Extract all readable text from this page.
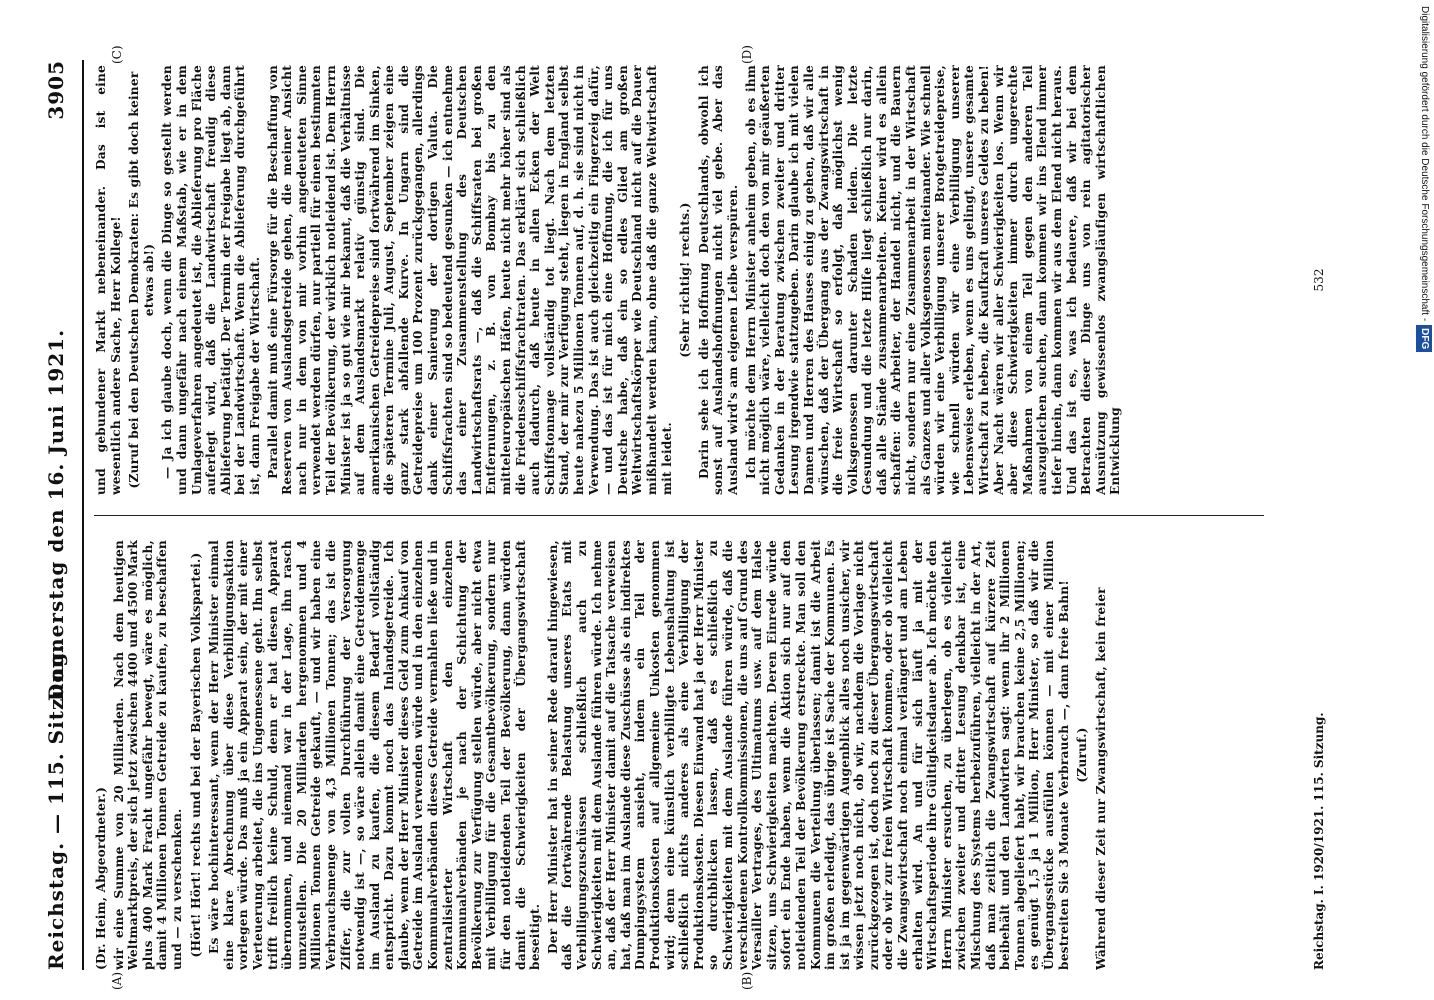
Reichstag. — 115. Sitzung.
Donnerstag den 16. Juni 1921.
3905
(A)	(B)
(C)	(D)

(Dr. Heim, Abgeordneter.) wir eine Summe von 20 Milliarden. Nach dem heutigen Weltmarktpreis, der sich jetzt zwischen 4400 und 4500 Mark plus 400 Mark Fracht ungefähr bewegt, wäre es möglich, damit 4 Millionen Tonnen Getreide zu kaufen, zu beschaffen und — zu verschenken. (Hört! Hört! rechts und bei der Bayerischen Volkspartei.) Es wäre hochinteressant, wenn der Herr Minister einmal eine klare Abrechnung über diese Verbilligungsaktion vorlegen würde. Das muß ja ein Apparat sein, der mit einer Verteuerung arbeitet, die ins Ungemessene geht. Ihn selbst trifft freilich keine Schuld, denn er hat diesen Apparat übernommen, und niemand war in der Lage, ihn rasch umzustellen. Die 20 Milliarden hergenommen und 4 Millionen Tonnen Getreide gekauft, — und wir haben eine Verbrauchsmenge von 4,3 Millionen Tonnen; das ist die Ziffer, die zur vollen Durchführung der Versorgung notwendig ist —, so wäre allein damit eine Getreidemenge im Ausland zu kaufen, die diesem Bedarf vollständig entspricht. Dazu kommt noch das Inlandsgetreide. Ich glaube, wenn der Herr Minister dieses Geld zum Ankauf von Getreide im Ausland verwenden würde und in den einzelnen Kommunalverbänden dieses Getreide vermahlen ließe und in zentralisierter Wirtschaft den einzelnen Kommunalverbänden je nach der Schichtung der Bevölkerung zur Verfügung stellen würde, aber nicht etwa mit Verbilligung für die Gesamtbevölkerung, sondern nur für den notleidenden Teil der Bevölkerung, dann würden damit die Schwierigkeiten der Übergangswirtschaft beseitigt. Der Herr Minister hat in seiner Rede darauf hingewiesen, daß die fortwährende Belastung unseres Etats mit Verbilligungszuschüssen schließlich auch zu Schwierigkeiten mit dem Auslande führen würde. Ich nehme an, daß der Herr Minister damit auf die Tatsache verweisen hat, daß man im Auslande diese Zuschüsse als ein indirektes Dumpingsystem ansieht, indem ein Teil der Produktionskosten auf allgemeine Unkosten genommen wird; denn eine künstlich verbilligte Lebenshaltung ist schließlich nichts anderes als eine Verbilligung der Produktionskosten. Diesen Einwand hat ja der Herr Minister so durchblicken lassen, daß es schließlich zu Schwierigkeiten mit dem Auslande führen würde, daß die verschiedenen Kontrollkommissionen, die uns auf Grund des Versailler Vertrages, des Ultimatums usw. auf dem Halse sitzen, uns Schwierigkeiten machten. Deren Einrede würde sofort ein Ende haben, wenn die Aktion sich nur auf den notleidenden Teil der Bevölkerung erstreckte. Man soll den Kommunen die Verteilung überlassen; damit ist die Arbeit im großen erledigt, das übrige ist Sache der Kommunen. Es ist ja im gegenwärtigen Augenblick alles noch unsicher, wir wissen jetzt noch nicht, ob wir, nachdem die Vorlage nicht zurückgezogen ist, doch noch zu dieser Übergangswirtschaft oder ob wir zur freien Wirtschaft kommen, oder ob vielleicht die Zwangswirtschaft noch einmal verlängert und am Leben erhalten wird. An und für sich läuft ja mit der Wirtschaftsperiode ihre Gültigkeitsdauer ab. Ich möchte den Herrn Minister ersuchen, zu überlegen, ob es vielleicht zwischen zweiter und dritter Lesung denkbar ist, eine Mischung des Systems herbeizuführen, vielleicht in der Art, daß man zeitlich die Zwangswirtschaft auf kürzere Zeit beibehält und den Landwirten sagt: wenn ihr 2 Millionen Tonnen abgeliefert habt, wir brauchen keine 2,5 Millionen; es genügt 1,5 ja 1 Million, Herr Minister, so daß wir die Übergangsstücke ausfüllen können — mit einer Million bestreiten Sie 3 Monate Verbrauch —, dann freie Bahn! (Zuruf.) Während dieser Zeit nur Zwangswirtschaft, kein freier

und gebundener Markt nebeneinander. Das ist eine wesentlich andere Sache, Herr Kollege! (Zuruf bei den Deutschen Demokraten: Es gibt doch keiner etwas ab!) — Ja ich glaube doch, wenn die Dinge so gestellt werden und dann ungefähr nach einem Maßstab, wie er in dem Umlageverfahren angedeutet ist, die Ablieferung pro Fläche auferlegt wird, daß die Landwirtschaft freudig diese Ablieferung betätigt. Der Termin der Freigabe liegt ab, dann bei der Landwirtschaft. Wenn die Ablieferung durchgeführt ist, dann Freigabe der Wirtschaft. Parallel damit muß eine Fürsorge für die Beschaffung von Reserven von Auslandsgetreide gehen, die meiner Ansicht nach nur in dem von mir vorhin angedeuteten Sinne verwendet werden dürfen, nur partiell für einen bestimmten Teil der Bevölkerung, der wirklich notleidend ist. Dem Herrn Minister ist ja so gut wie mir bekannt, daß die Verhältnisse auf dem Auslandsmarkt relativ günstig sind. Die amerikanischen Getreidepreise sind fortwährend im Sinken, die späteren Termine Juli, August, September zeigen eine ganz stark abfallende Kurve. In Ungarn sind die Getreidepreise um 100 Prozent zurückgegangen, allerdings dank einer Sanierung der dortigen Valuta. Die Schiffsfrachten sind so bedeutend gesunken — ich entnehme das einer Zusammenstellung des Deutschen Landwirtschaftsrats —, daß die Schiffsraten bei großen Entfernungen, z. B. von Bombay bis zu den mitteleuropäischen Häfen, heute nicht mehr höher sind als die Friedensschiffsfrachtraten. Das erklärt sich schließlich auch dadurch, daß heute in allen Ecken der Welt Schiffstonnage vollständig tot liegt. Nach dem letzten Stand, der mir zur Verfügung steht, liegen in England selbst heute nahezu 5 Millionen Tonnen auf, d. h. sie sind nicht in Verwendung. Das ist auch gleichzeitig ein Fingerzeig dafür, — und das ist für mich eine Hoffnung, die ich für uns Deutsche habe, daß ein so edles Glied am großen Weltwirtschaftskörper wie Deutschland nicht auf die Dauer mißhandelt werden kann, ohne daß die ganze Weltwirtschaft mit leidet.

(Sehr richtig! rechts.) Darin sehe ich die Hoffnung Deutschlands, obwohl ich sonst auf Auslandshoffnungen nicht viel gebe. Aber das Ausland wird's am eigenen Leibe verspüren. Ich möchte dem Herrn Minister anheim geben, ob es ihm nicht möglich wäre, vielleicht doch den von mir geäußerten Gedanken in der Beratung zwischen zweiter und dritter Lesung irgendwie stattzugeben. Darin glaube ich mit vielen Damen und Herren des Hauses einig zu gehen, daß wir alle wünschen, daß der Übergang aus der Zwangswirtschaft in die freie Wirtschaft so erfolgt, daß möglichst wenig Volksgenossen darunter Schaden leiden. Die letzte Gesundung und die letzte Hilfe liegt schließlich nur darin, daß alle Stände zusammenarbeiten. Keiner wird es allein schaffen: die Arbeiter, der Handel nicht, und die Bauern nicht, sondern nur eine Zusammenarbeit in der Wirtschaft als Ganzes und aller Volksgenossen miteinander. Wie schnell würden wir eine Verbilligung unserer Brotgetreidepreise, wie schnell würden wir eine Verbilligung unserer Lebensweise erleben, wenn es uns gelingt, unsere gesamte Wirtschaft zu heben, die Kaufkraft unseres Geldes zu heben! Aber Nacht wären wir aller Schwierigkeiten los. Wenn wir aber diese Schwierigkeiten immer durch ungerechte Maßnahmen von einem Teil gegen den anderen Teil auszugleichen suchen, dann kommen wir ins Elend immer tiefer hinein, dann kommen wir aus dem Elend nicht heraus. Und das ist es, was ich bedauere, daß wir bei dem Betrachten dieser Dinge uns von rein agitatorischer Ausnützung gewissenlos zwangsläufigen wirtschaftlichen Entwicklung

Reichstag. I. 1920/1921. 115. Sitzung.
532	Digitalisierung gefördert durch die Deutsche Forschungsgemeinschaft -DFG
